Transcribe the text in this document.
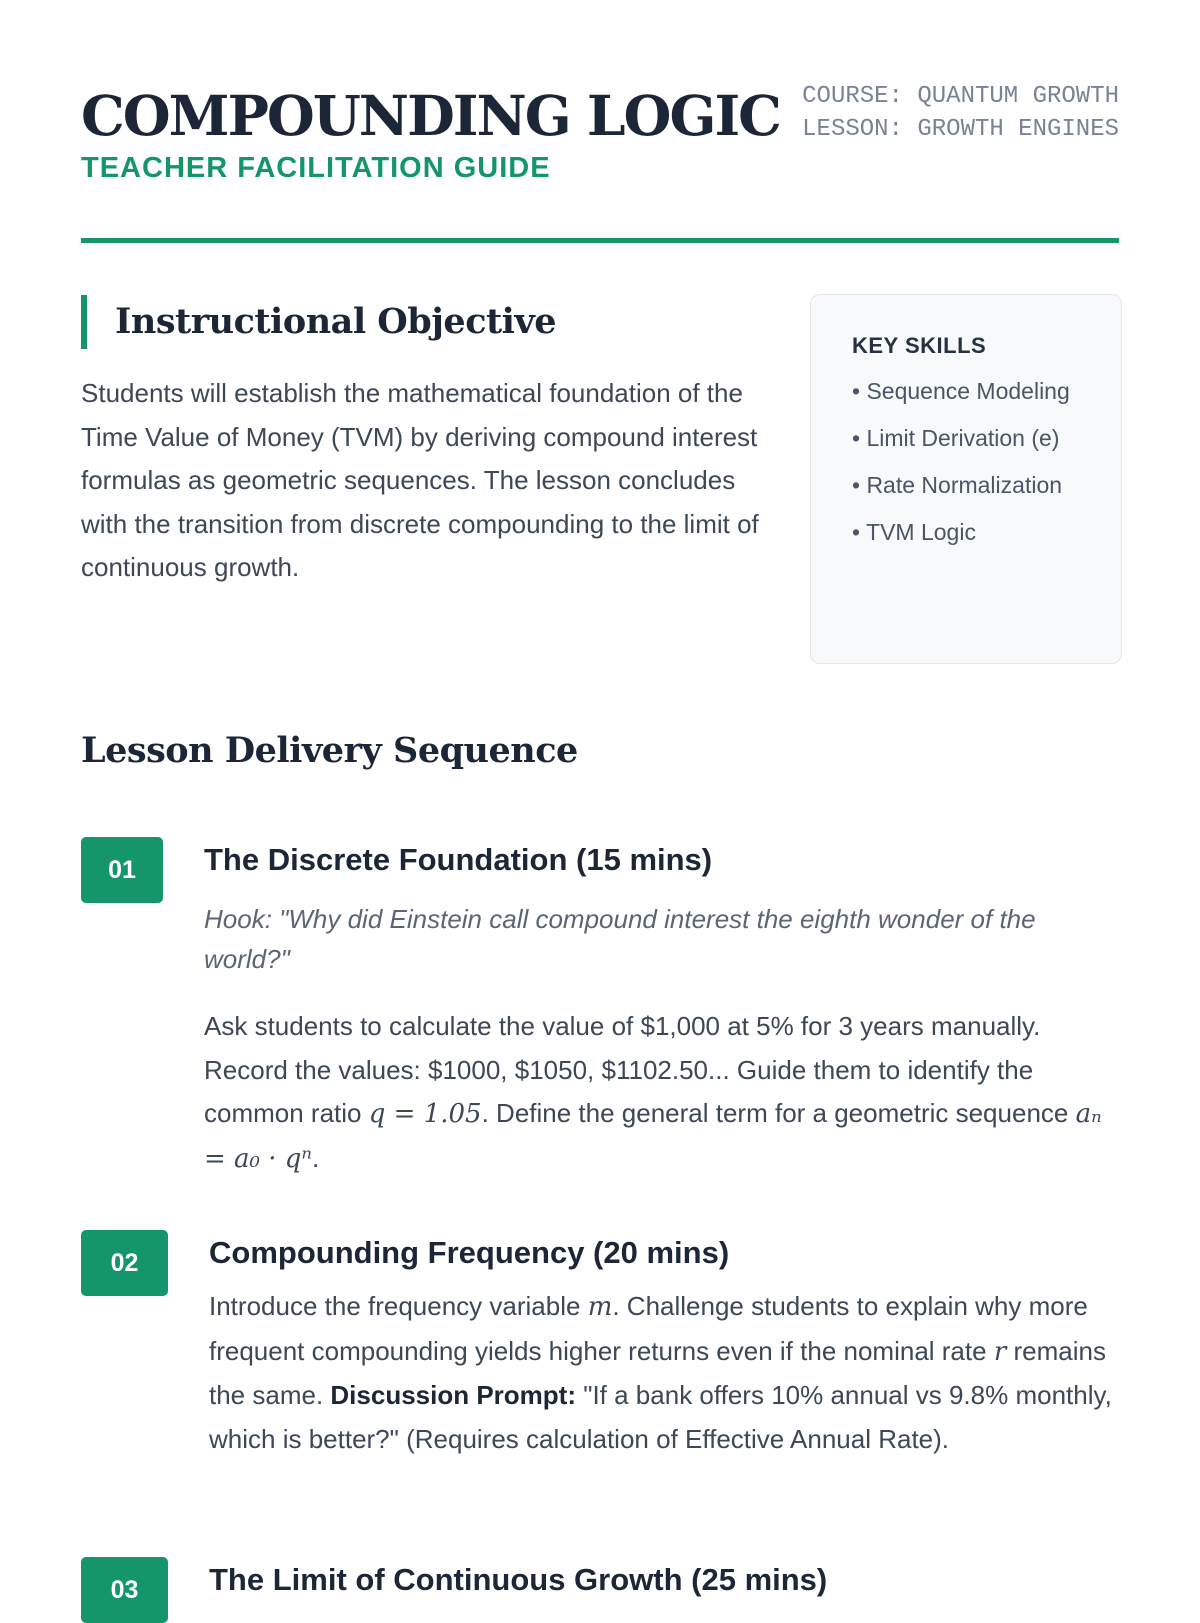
COMPOUNDING LOGIC
TEACHER FACILITATION GUIDE
COURSE: QUANTUM GROWTH
LESSON: GROWTH ENGINES
Instructional Objective

Students will establish the mathematical foundation of the Time Value of Money (TVM) by deriving compound interest formulas as geometric sequences. The lesson concludes with the transition from discrete compounding to the limit of continuous growth.

KEY SKILLS
• Sequence Modeling
• Limit Derivation (e)
• Rate Normalization
• TVM Logic
Lesson Delivery Sequence
01	The Discrete Foundation (15 mins)
Hook: "Why did Einstein call compound interest the eighth wonder of the world?"

Ask students to calculate the value of $1,000 at 5% for 3 years manually. Record the values: $1000, $1050, $1102.50... Guide them to identify the common ratio q = 1.05. Define the general term for a geometric sequence aₙ = a₀ · qⁿ.

02	Compounding Frequency (20 mins)

Introduce the frequency variable m. Challenge students to explain why more frequent compounding yields higher returns even if the nominal rate r remains the same. Discussion Prompt: "If a bank offers 10% annual vs 9.8% monthly, which is better?" (Requires calculation of Effective Annual Rate).

03	The Limit of Continuous Growth (25 mins)
